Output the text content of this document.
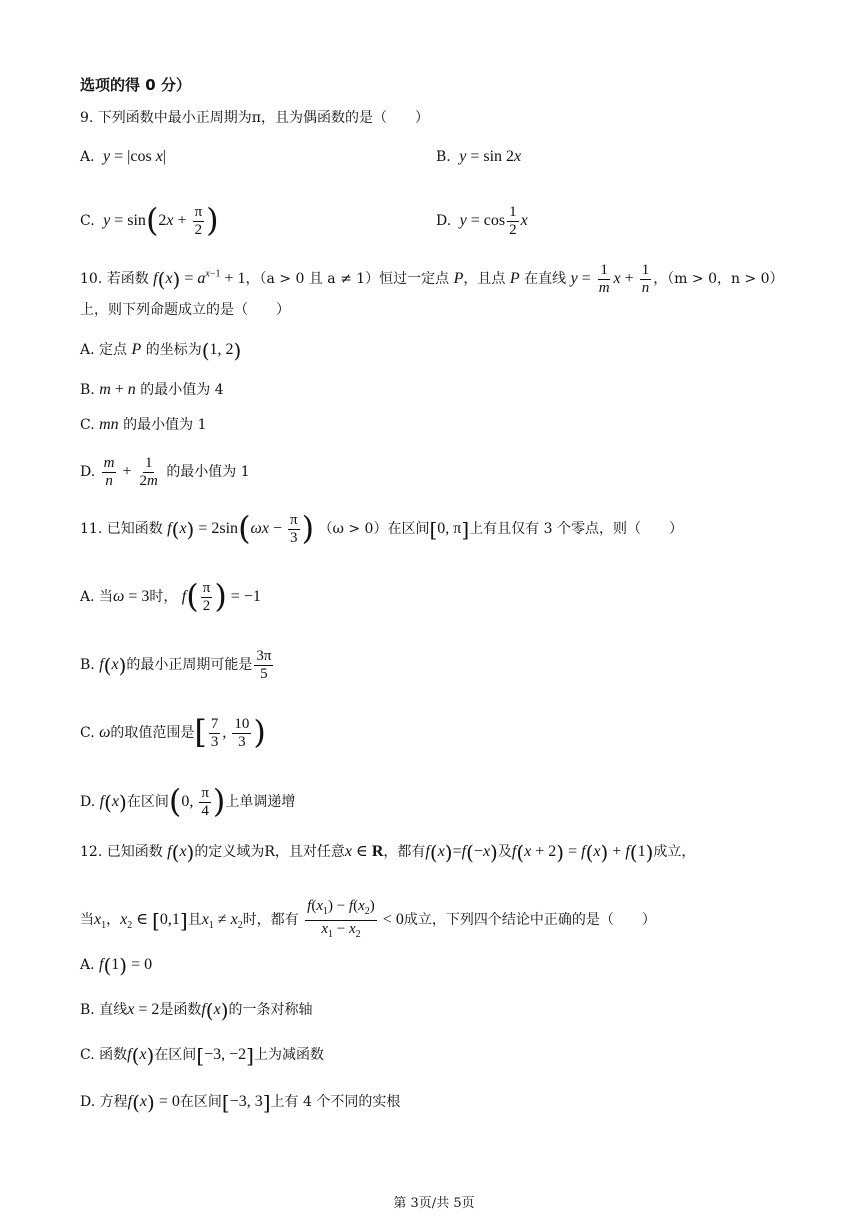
选项的得 0 分）
9. 下列函数中最小正周期为π，且为偶函数的是（　　）
A. y = |cos x|	B. y = sin 2x
C. $y = \sin(2x + \frac{\pi}{2}$ )	D. $y = \cos \frac{1}{2}$ x
10. 若函数 $f(x) = a^{x-1} + 1$，（a > 0 且 a ≠ 1）恒过一定点 P，且点 P 在直线 $y = \frac{1}{m}$ $x + \frac{1}{n}$ ，（m > 0，n > 0）
上，则下列命题成立的是（　　）
A. 定点 P 的坐标为(1, 2)
B. m + n 的最小值为 4
C. mn 的最小值为 1
D. $\frac{m}{n} + \frac{1}{2m}$ 的最小值为 1
11. 已知函数 $f(x) = 2\sin(\omega x - \frac{\pi}{3}$ ) （ω > 0）在区间[0, π]上有且仅有 3 个零点，则（　　）
A. 当ω = 3时， $f( \frac{\pi}{2}$ ) = −1
B. f(x)的最小正周期可能是 $\frac{3\pi}{5}$
C. ω的取值范围是[ $\frac{7}{3}$ , $\frac{10}{3}$ )
D. f(x)在区间(0, $\frac{\pi}{4}$ )上单调递增
12. 已知函数 f(x)的定义域为R，且对任意x ∈ R，都有f(x)=f(−x)及f(x + 2) = f(x) + f(1)成立，
当$x_1$，$x_2$ ∈ [0,1]且$x_1 \ne x_2$时，都有 $\frac{f(x_1) - f(x_2)}{x_1 - x_2} < 0$成立，下列四个结论中正确的是（　　）
A. f(1) = 0
B. 直线x = 2是函数f(x)的一条对称轴
C. 函数f(x)在区间[−3, −2]上为减函数
D. 方程f(x) = 0在区间[−3, 3]上有 4 个不同的实根
第 3页/共 5页
